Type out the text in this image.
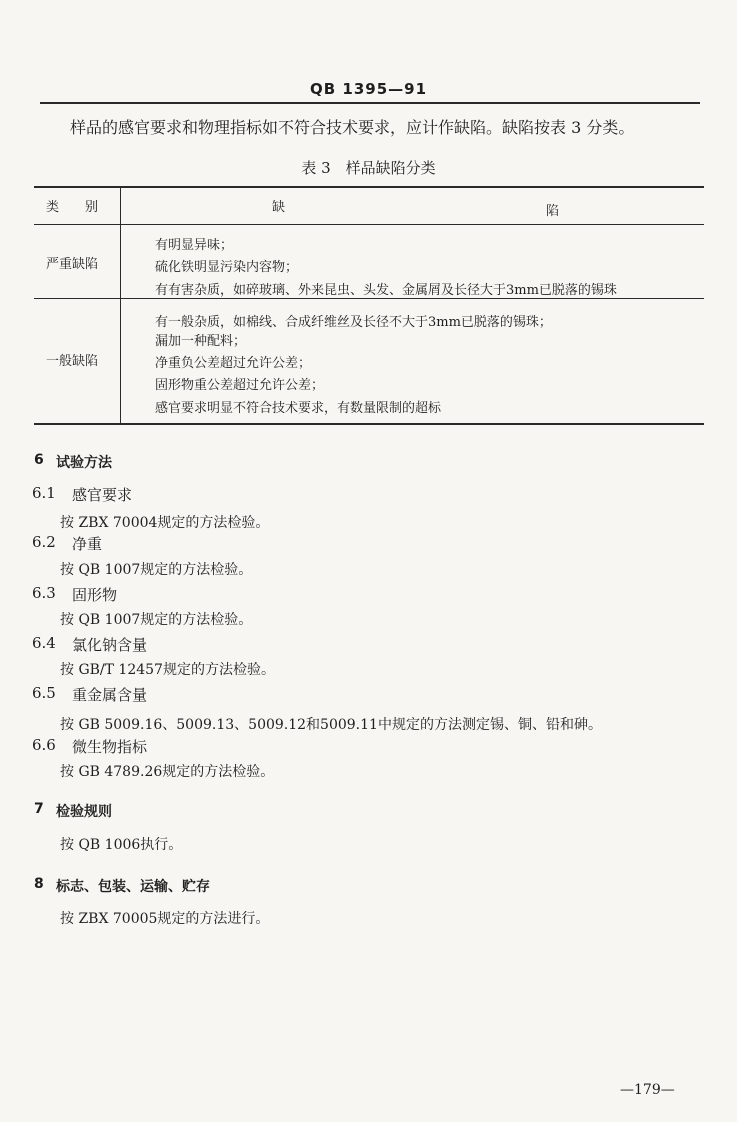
QB 1395—91
样品的感官要求和物理指标如不符合技术要求，应计作缺陷。缺陷按表 3 分类。
表 3　样品缺陷分类
类　　别	缺	陷
严重缺陷
有明显异味；
硫化铁明显污染内容物；
有有害杂质，如碎玻璃、外来昆虫、头发、金属屑及长径大于3mm已脱落的锡珠
一般缺陷
有一般杂质，如棉线、合成纤维丝及长径不大于3mm已脱落的锡珠；
漏加一种配料；
净重负公差超过允许公差；
固形物重公差超过允许公差；
感官要求明显不符合技术要求，有数量限制的超标
6 试验方法
6.1 感官要求
按 ZBX 70004规定的方法检验。
6.2 净重
按 QB 1007规定的方法检验。
6.3 固形物
按 QB 1007规定的方法检验。
6.4 氯化钠含量
按 GB/T 12457规定的方法检验。
6.5 重金属含量
按 GB 5009.16、5009.13、5009.12和5009.11中规定的方法测定锡、铜、铅和砷。
6.6 微生物指标
按 GB 4789.26规定的方法检验。
7 检验规则
按 QB 1006执行。
8 标志、包装、运输、贮存
按 ZBX 70005规定的方法进行。
—179—
